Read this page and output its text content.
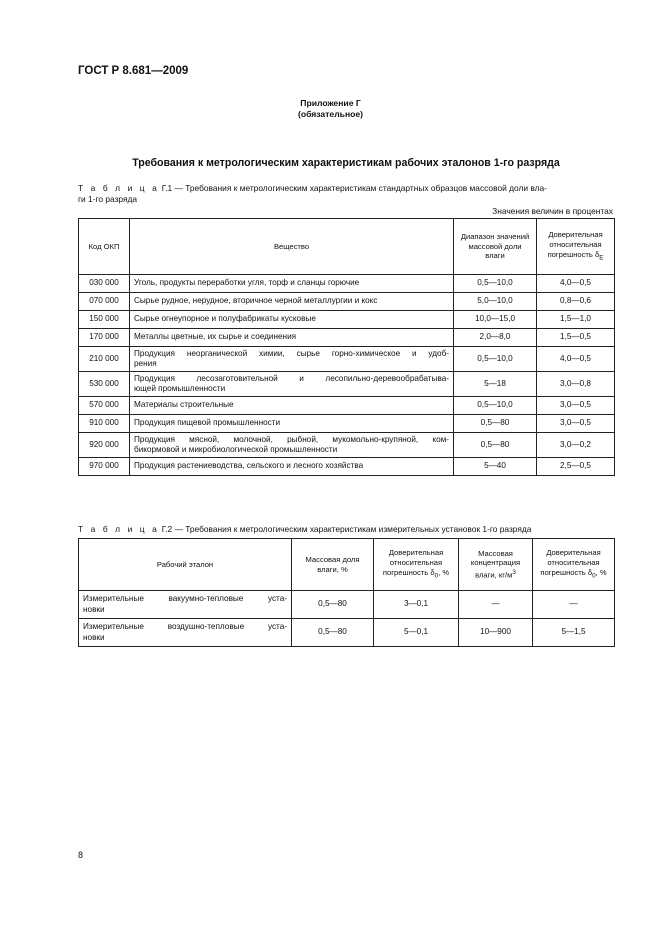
ГОСТ Р 8.681—2009
Приложение Г
(обязательное)
Требования к метрологическим характеристикам рабочих эталонов 1-го разряда
Т а б л и ц а Г.1 — Требования к метрологическим характеристикам стандартных образцов массовой доли вла-
ги 1-го разряда
Значения величин в процентах
Код ОКП	Вещество	Диапазон значений массовой доли влаги	Доверительная относительная погрешность $\delta_Е$
030 000	Уголь, продукты переработки угля, торф и сланцы горючие	0,5—10,0	4,0—0,5
070 000	Сырье рудное, нерудное, вторичное черной металлургии и кокс	5,0—10,0	0,8—0,6
150 000	Сырье огнеупорное и полуфабрикаты кусковые	10,0—15,0	1,5—1,0
170 000	Металлы цветные, их сырье и соединения	2,0—8,0	1,5—0,5
210 000	Продукция неорганической химии, сырье горно-химическое и удоб-
рения	0,5—10,0	4,0—0,5
530 000	Продукция лесозаготовительной и лесопильно-деревообрабатыва-
ющей промышленности	5—18	3,0—0,8
570 000	Материалы строительные	0,5—10,0	3,0—0,5
910 000	Продукция пищевой промышленности	0,5—80	3,0—0,5
920 000	Продукция мясной, молочной, рыбной, мукомольно-крупяной, ком-
бикормовой и микробиологической промышленности	0,5—80	3,0—0,2
970 000	Продукция растениеводства, сельского и лесного хозяйства	5—40	2,5—0,5
Т а б л и ц а Г.2 — Требования к метрологическим характеристикам измерительных установок 1-го разряда
Рабочий эталон	Массовая доля влаги, %	Доверительная относительная погрешность $\delta_0$, %	Массовая концентрация влаги, $кг/м^3$	Доверительная относительная погрешность $\delta_0$, %

Измерительные вакуумно-тепловые уста-
новки	0,5—80	3—0,1	—	—

Измерительные воздушно-тепловые уста-
новки	0,5—80	5—0,1	10—900	5—1,5
8
